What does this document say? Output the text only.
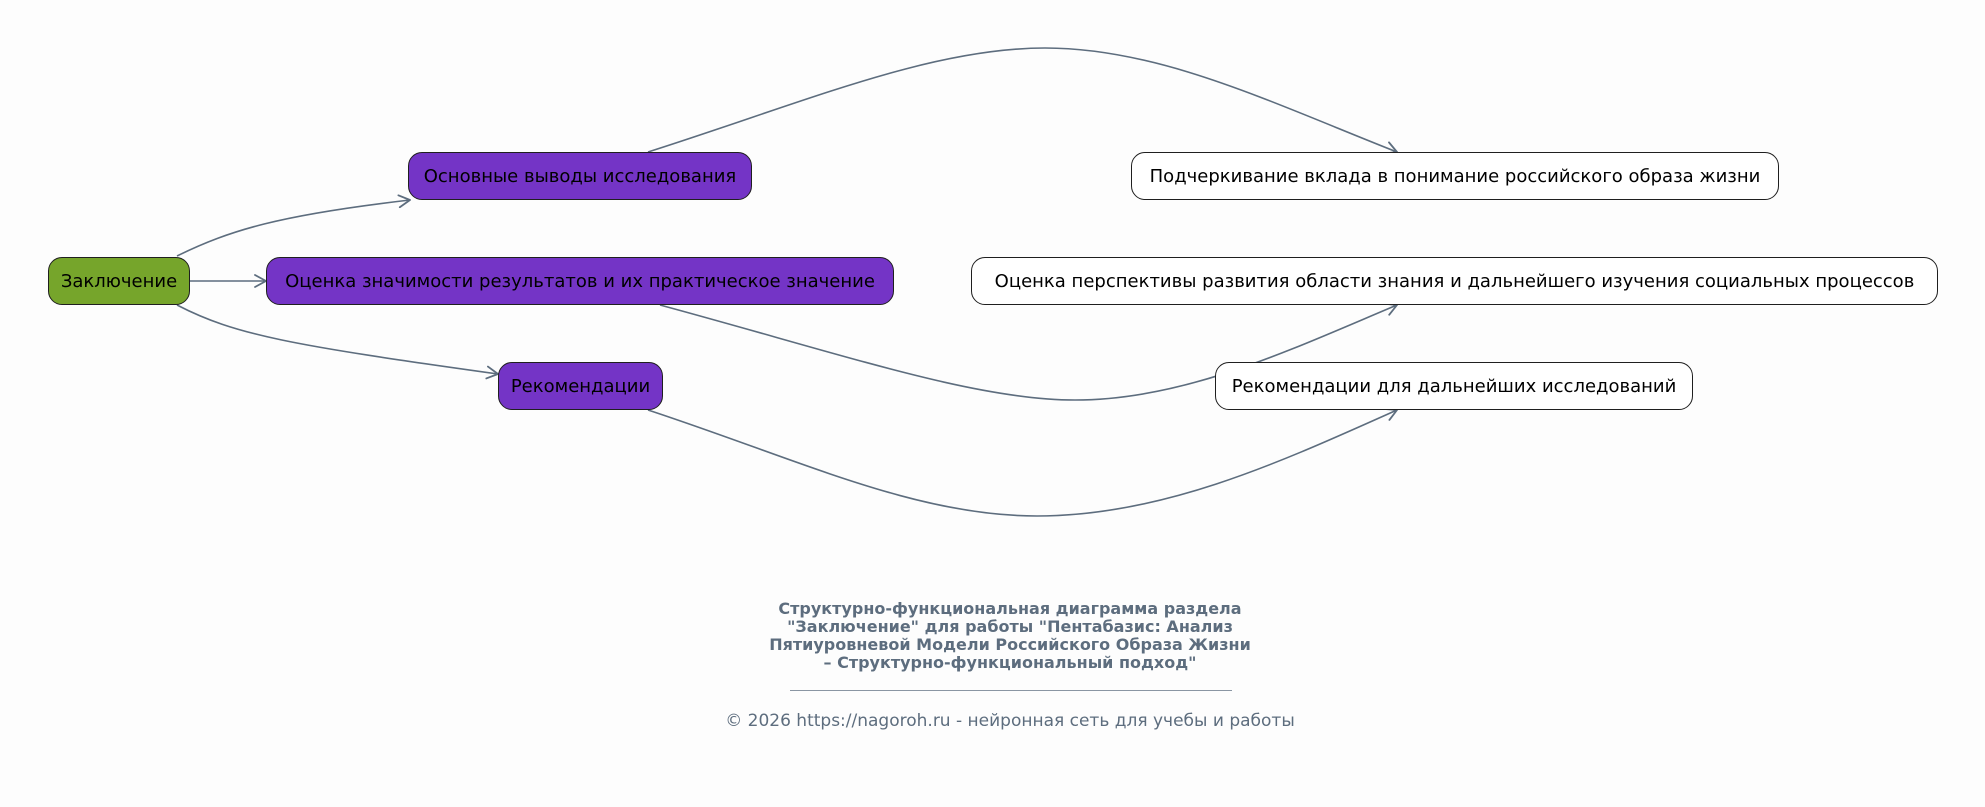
Заключение
Основные выводы исследования
Оценка значимости результатов и их практическое значение
Рекомендации
Подчеркивание вклада в понимание российского образа жизни
Оценка перспективы развития области знания и дальнейшего изучения социальных процессов
Рекомендации для дальнейших исследований
Структурно-функциональная диаграмма раздела
"Заключение" для работы "Пентабазис: Анализ
Пятиуровневой Модели Российского Образа Жизни
– Структурно-функциональный подход"
© 2026 https://nagoroh.ru - нейронная сеть для учебы и работы
